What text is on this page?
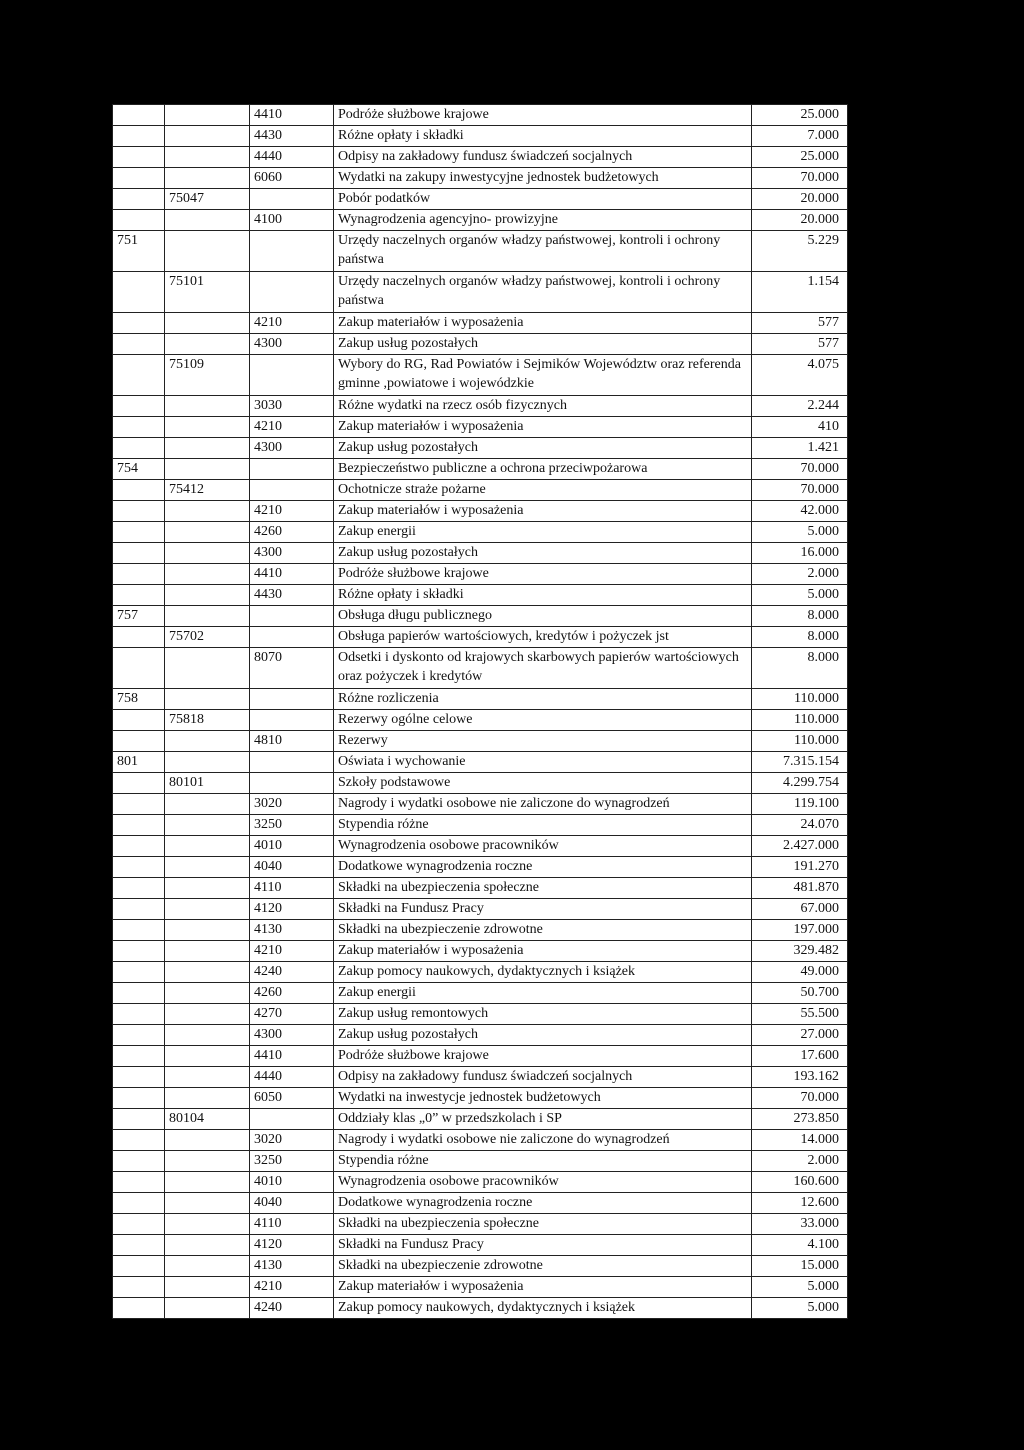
		4410	Podróże służbowe krajowe	25.000
		4430	Różne opłaty i składki	7.000
		4440	Odpisy na zakładowy fundusz świadczeń socjalnych	25.000
		6060	Wydatki na zakupy inwestycyjne jednostek budżetowych	70.000
	75047		Pobór podatków	20.000
		4100	Wynagrodzenia agencyjno- prowizyjne	20.000
751			Urzędy naczelnych organów władzy państwowej, kontroli i ochrony państwa	5.229
	75101		Urzędy naczelnych organów władzy państwowej, kontroli i ochrony państwa	1.154
		4210	Zakup materiałów i wyposażenia	577
		4300	Zakup usług pozostałych	577
	75109		Wybory do RG, Rad Powiatów i Sejmików Województw oraz referenda gminne ,powiatowe i wojewódzkie	4.075
		3030	Różne wydatki na rzecz osób fizycznych	2.244
		4210	Zakup materiałów i wyposażenia	410
		4300	Zakup usług pozostałych	1.421
754			Bezpieczeństwo publiczne a ochrona przeciwpożarowa	70.000
	75412		Ochotnicze straże pożarne	70.000
		4210	Zakup materiałów i wyposażenia	42.000
		4260	Zakup energii	5.000
		4300	Zakup usług pozostałych	16.000
		4410	Podróże służbowe krajowe	2.000
		4430	Różne opłaty i składki	5.000
757			Obsługa długu publicznego	8.000
	75702		Obsługa papierów wartościowych, kredytów i pożyczek jst	8.000
		8070	Odsetki i dyskonto od krajowych skarbowych papierów wartościowych oraz pożyczek i kredytów	8.000
758			Różne rozliczenia	110.000
	75818		Rezerwy ogólne celowe	110.000
		4810	Rezerwy	110.000
801			Oświata i wychowanie	7.315.154
	80101		Szkoły podstawowe	4.299.754
		3020	Nagrody i wydatki osobowe nie zaliczone do wynagrodzeń	119.100
		3250	Stypendia różne	24.070
		4010	Wynagrodzenia osobowe pracowników	2.427.000
		4040	Dodatkowe wynagrodzenia roczne	191.270
		4110	Składki na ubezpieczenia społeczne	481.870
		4120	Składki na Fundusz Pracy	67.000
		4130	Składki na ubezpieczenie zdrowotne	197.000
		4210	Zakup materiałów i wyposażenia	329.482
		4240	Zakup pomocy naukowych, dydaktycznych i książek	49.000
		4260	Zakup energii	50.700
		4270	Zakup usług remontowych	55.500
		4300	Zakup usług pozostałych	27.000
		4410	Podróże służbowe krajowe	17.600
		4440	Odpisy na zakładowy fundusz świadczeń socjalnych	193.162
		6050	Wydatki na inwestycje jednostek budżetowych	70.000
	80104		Oddziały klas „0” w przedszkolach i SP	273.850
		3020	Nagrody i wydatki osobowe nie zaliczone do wynagrodzeń	14.000
		3250	Stypendia różne	2.000
		4010	Wynagrodzenia osobowe pracowników	160.600
		4040	Dodatkowe wynagrodzenia roczne	12.600
		4110	Składki na ubezpieczenia społeczne	33.000
		4120	Składki na Fundusz Pracy	4.100
		4130	Składki na ubezpieczenie zdrowotne	15.000
		4210	Zakup materiałów i wyposażenia	5.000
		4240	Zakup pomocy naukowych, dydaktycznych i książek	5.000
